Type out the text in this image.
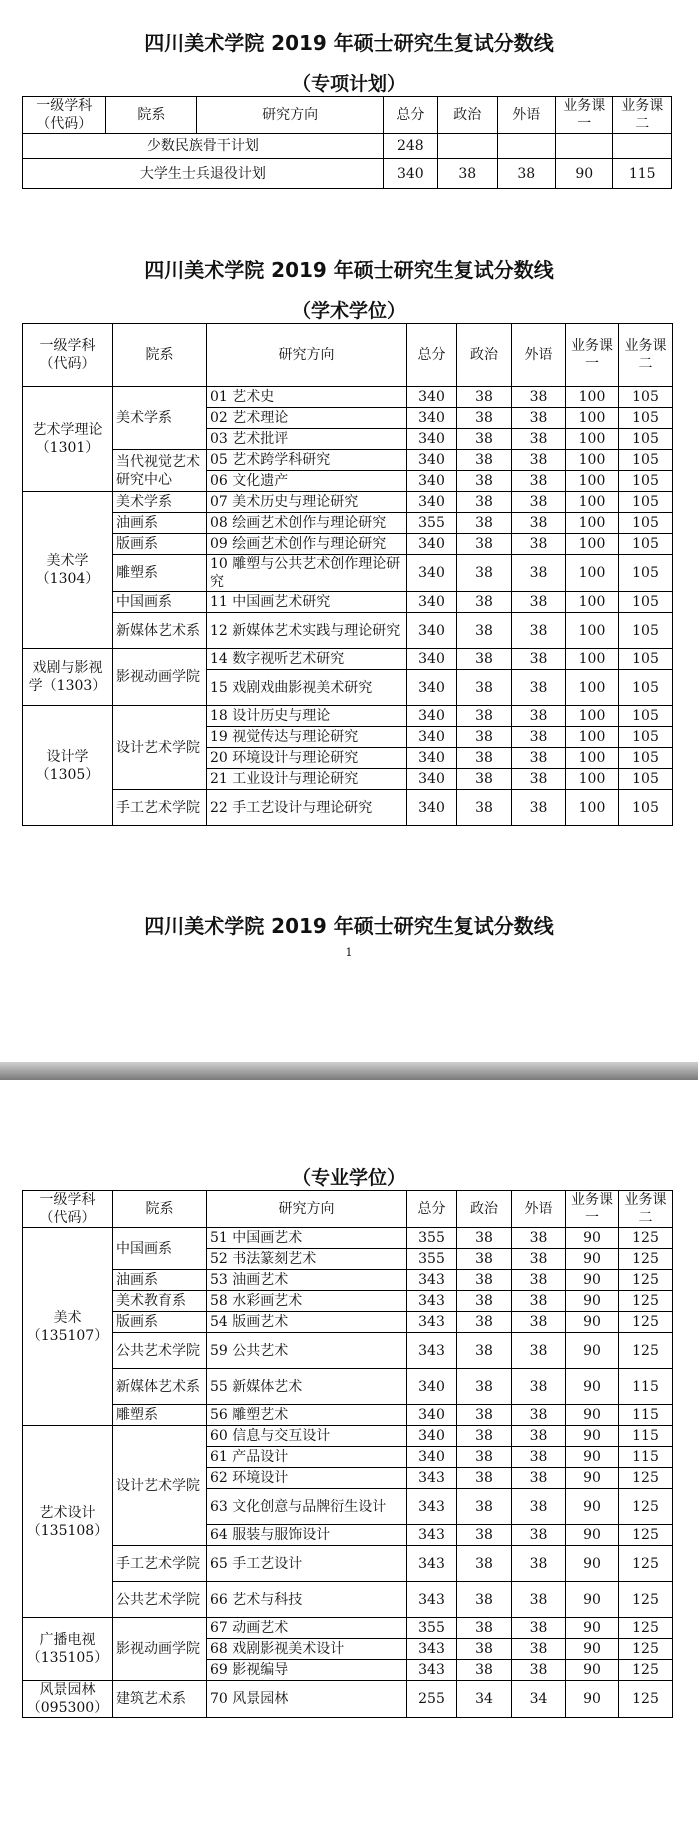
四川美术学院 2019 年硕士研究生复试分数线
（专项计划）
一级学科（代码）	院系	研究方向	总分	政治	外语	业务课一	业务课二
少数民族骨干计划			248				
大学生士兵退役计划			340	38	38	90	115
四川美术学院 2019 年硕士研究生复试分数线
（学术学位）
一级学科（代码）	院系	研究方向	总分	政治	外语	业务课一	业务课二
艺术学理论（1301）	美术学系	01 艺术史	340	38	38	100	105
		02 艺术理论	340	38	38	100	105
		03 艺术批评	340	38	38	100	105
	当代视觉艺术研究中心	05 艺术跨学科研究	340	38	38	100	105
		06 文化遗产	340	38	38	100	105
美术学（1304）	美术学系	07 美术历史与理论研究	340	38	38	100	105
	油画系	08 绘画艺术创作与理论研究	355	38	38	100	105
	版画系	09 绘画艺术创作与理论研究	340	38	38	100	105
	雕塑系	10 雕塑与公共艺术创作理论研究	340	38	38	100	105
	中国画系	11 中国画艺术研究	340	38	38	100	105
	新媒体艺术系	12 新媒体艺术实践与理论研究	340	38	38	100	105
戏剧与影视学（1303）	影视动画学院	14 数字视听艺术研究	340	38	38	100	105
		15 戏剧戏曲影视美术研究	340	38	38	100	105
设计学（1305）	设计艺术学院	18 设计历史与理论	340	38	38	100	105
		19 视觉传达与理论研究	340	38	38	100	105
		20 环境设计与理论研究	340	38	38	100	105
		21 工业设计与理论研究	340	38	38	100	105
	手工艺术学院	22 手工艺设计与理论研究	340	38	38	100	105
四川美术学院 2019 年硕士研究生复试分数线
1
（专业学位）
一级学科（代码）	院系	研究方向	总分	政治	外语	业务课一	业务课二
美术（135107）	中国画系	51 中国画艺术	355	38	38	90	125
		52 书法篆刻艺术	355	38	38	90	125
	油画系	53 油画艺术	343	38	38	90	125
	美术教育系	58 水彩画艺术	343	38	38	90	125
	版画系	54 版画艺术	343	38	38	90	125
	公共艺术学院	59 公共艺术	343	38	38	90	125
	新媒体艺术系	55 新媒体艺术	340	38	38	90	115
	雕塑系	56 雕塑艺术	340	38	38	90	115
艺术设计（135108）	设计艺术学院	60 信息与交互设计	340	38	38	90	115
		61 产品设计	340	38	38	90	115
		62 环境设计	343	38	38	90	125
		63 文化创意与品牌衍生设计	343	38	38	90	125
		64 服装与服饰设计	343	38	38	90	125
	手工艺术学院	65 手工艺设计	343	38	38	90	125
	公共艺术学院	66 艺术与科技	343	38	38	90	125
广播电视（135105）	影视动画学院	67 动画艺术	355	38	38	90	125
		68 戏剧影视美术设计	343	38	38	90	125
		69 影视编导	343	38	38	90	125
风景园林（095300）	建筑艺术系	70 风景园林	255	34	34	90	125
